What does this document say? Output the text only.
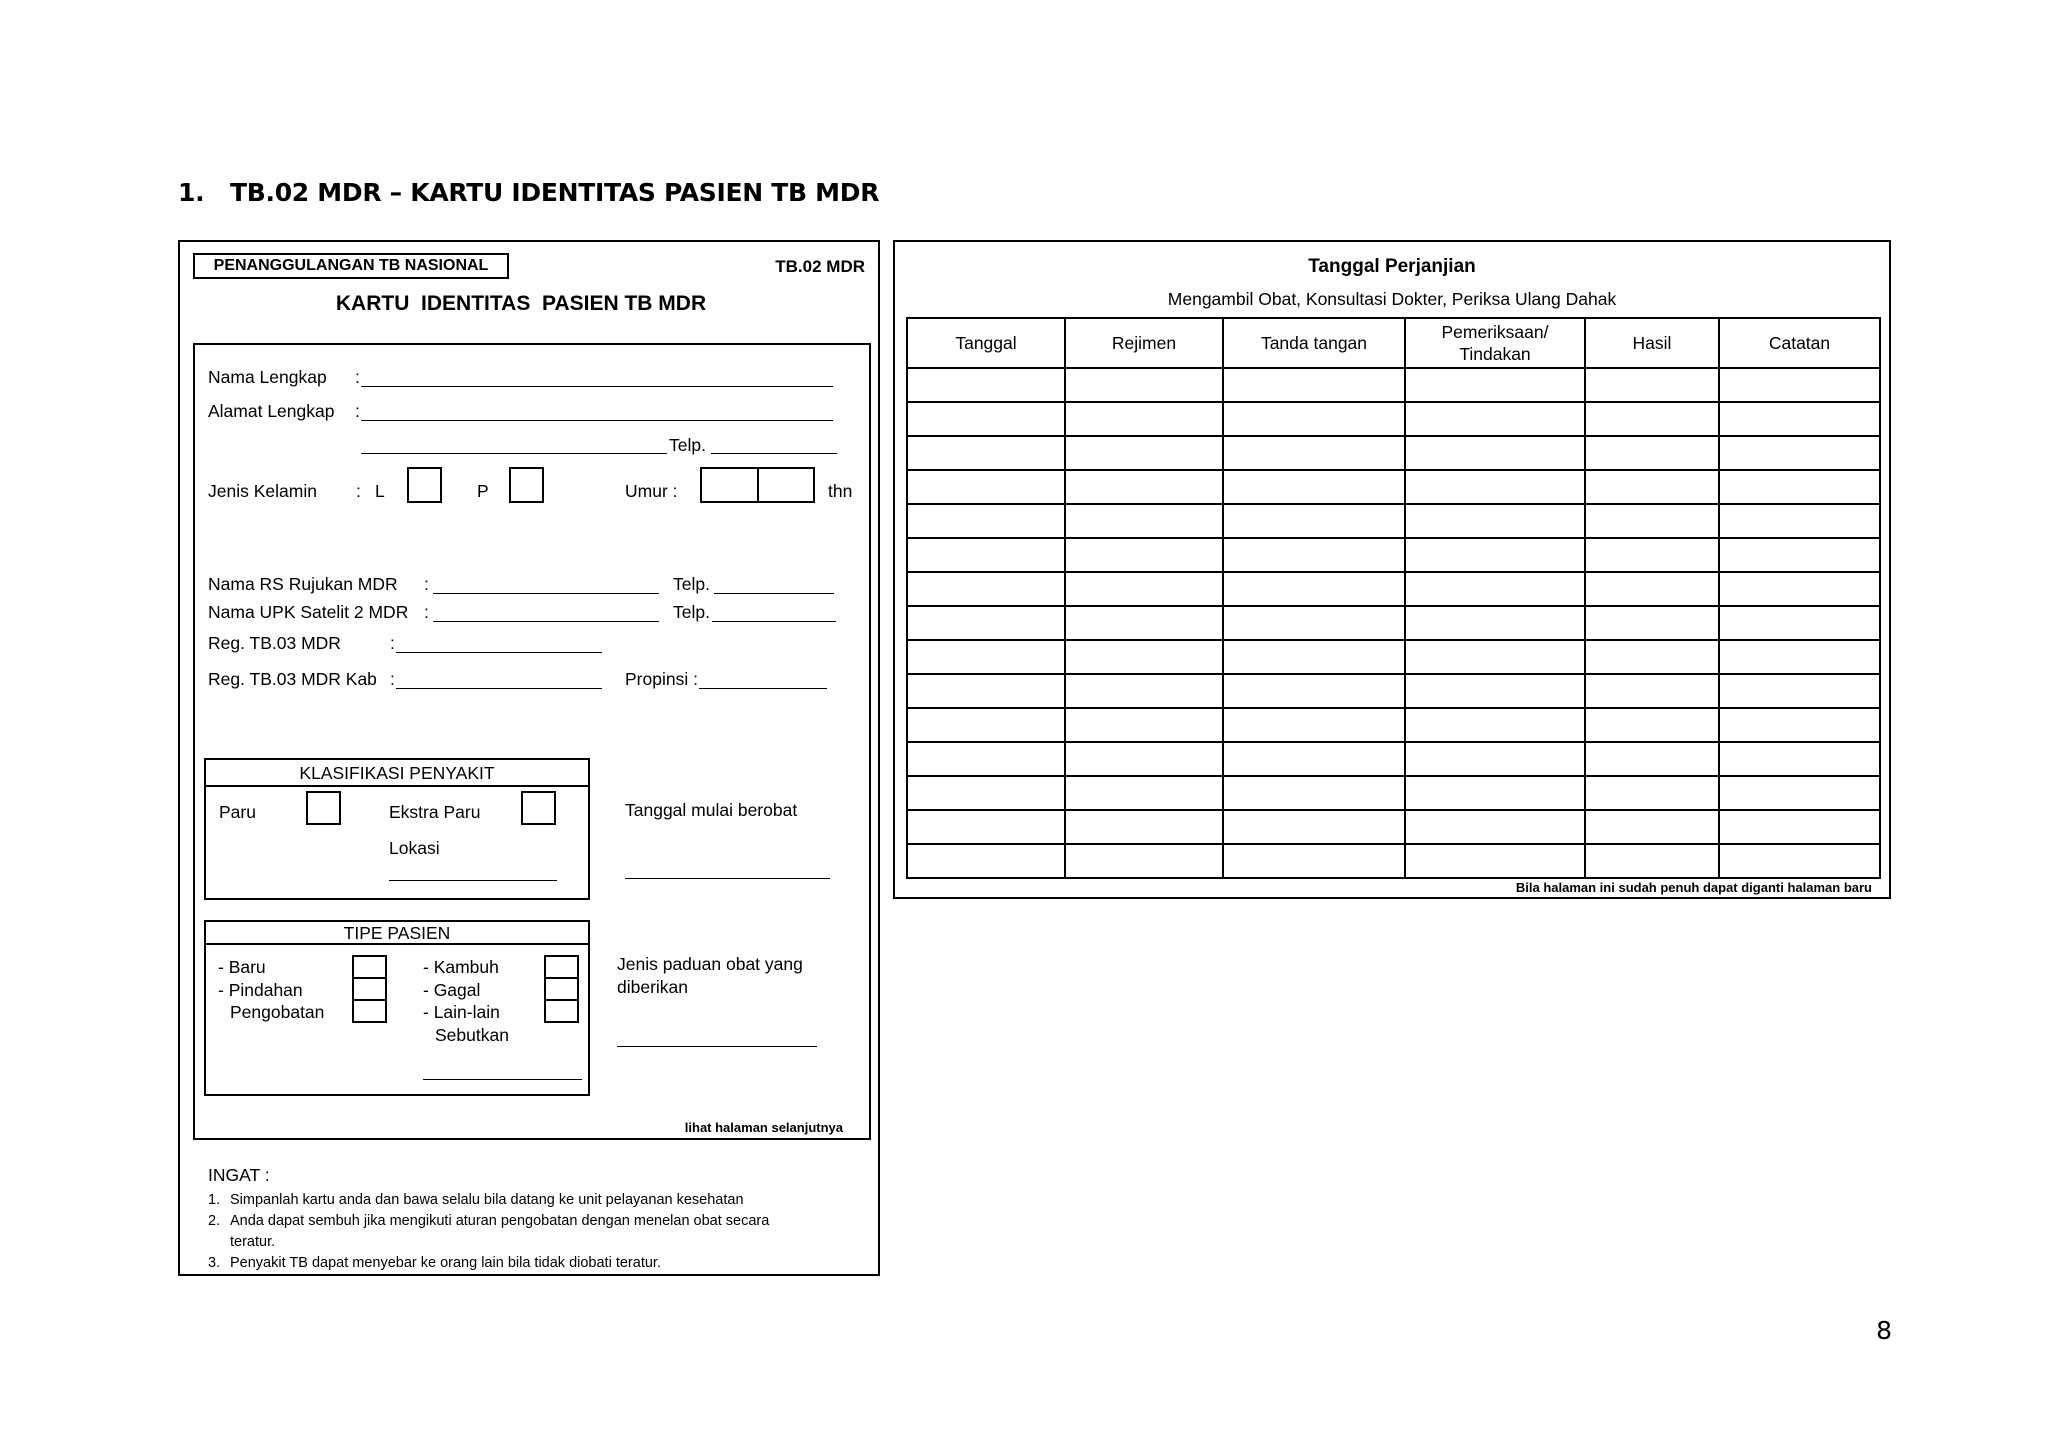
1. TB.02 MDR – KARTU IDENTITAS PASIEN TB MDR
PENANGGULANGAN TB NASIONAL	TB.02 MDR
KARTU  IDENTITAS  PASIEN TB MDR
Nama Lengkap :
Alamat Lengkap :
Telp.
Jenis Kelamin : L	P	Umur :	thn
Nama RS Rujukan MDR :	Telp.
Nama UPK Satelit 2 MDR :	Telp.
Reg. TB.03 MDR	:
Reg. TB.03 MDR Kab :	Propinsi :
KLASIFIKASI PENYAKIT
Paru	Ekstra Paru
Lokasi
Tanggal mulai berobat
TIPE PASIEN
- Baru
- Pindahan
Pengobatan
- Kambuh
- Gagal
- Lain-lain
Sebutkan
Jenis paduan obat yang
diberikan
lihat halaman selanjutnya
INGAT :
1. Simpanlah kartu anda dan bawa selalu bila datang ke unit pelayanan kesehatan
2. Anda dapat sembuh jika mengikuti aturan pengobatan dengan menelan obat secara teratur.
3. Penyakit TB dapat menyebar ke orang lain bila tidak diobati teratur.
Tanggal Perjanjian
Mengambil Obat, Konsultasi Dokter, Periksa Ulang Dahak
Tanggal	Rejimen	Tanda tangan	Pemeriksaan/ Tindakan	Hasil	Catatan

Bila halaman ini sudah penuh dapat diganti halaman baru
8
